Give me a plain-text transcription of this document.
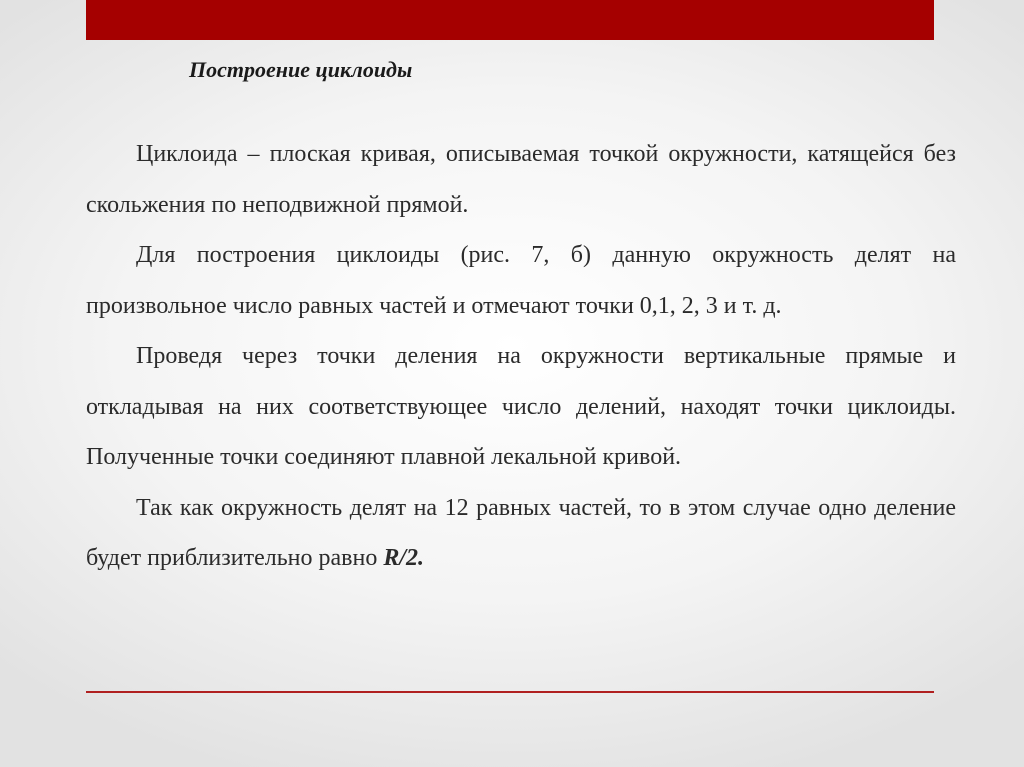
Построение циклоиды

Циклоида – плоская кривая, описываемая точкой окружности, катящейся без скольжения по неподвижной прямой.

Для построения циклоиды (рис. 7, б) данную окружность делят на произвольное число равных частей и отмечают точки 0,1, 2, 3 и т. д.

Проведя через точки деления на окружности вертикальные прямые и откладывая на них соответствующее число делений, находят точки циклоиды. Полученные точки соединяют плавной лекальной кривой.

Так как окружность делят на 12 равных частей, то в этом случае одно деление будет приблизительно равно R/2.
